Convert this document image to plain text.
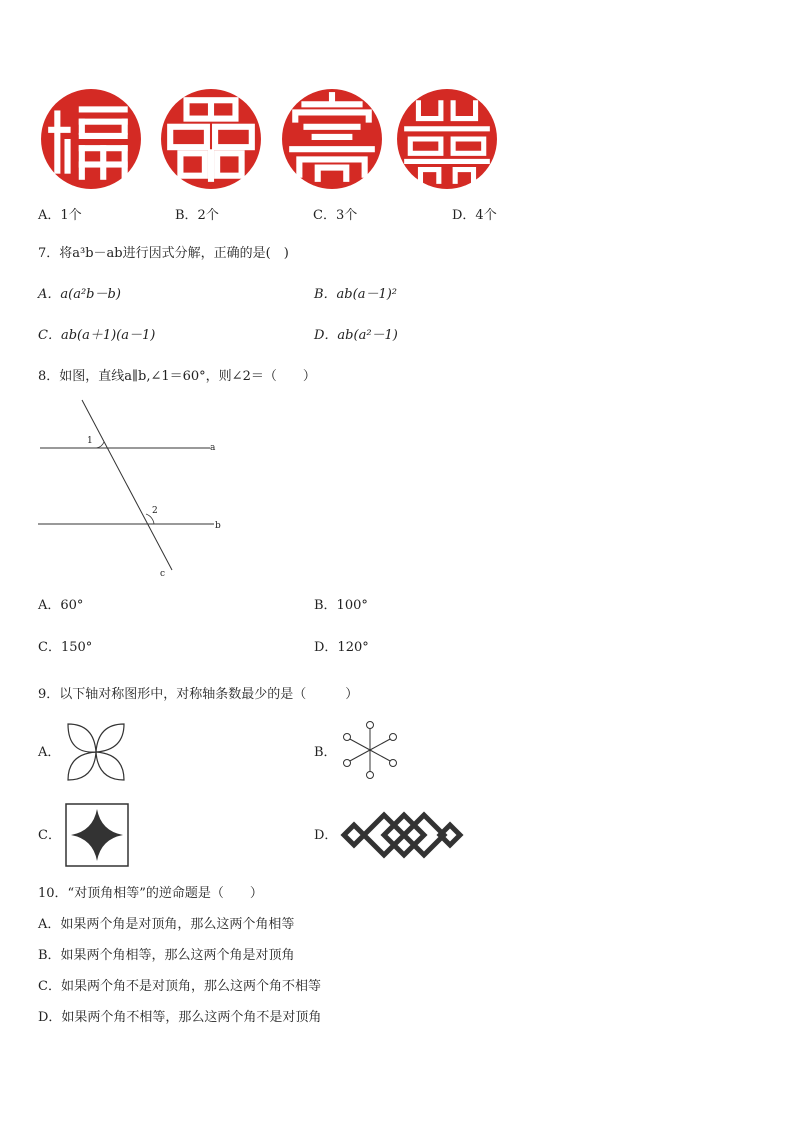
A．1个	B．2个	C．3个	D．4个
7．将a³b－ab进行因式分解，正确的是(　)
A．a(a²b－b)	B．ab(a－1)²
C．ab(a＋1)(a－1)	D．ab(a²－1)
8．如图，直线a∥b,∠1＝60°，则∠2＝（　　）
1
2
a
b
c
A．60°	B．100°
C．150°	D．120°
9．以下轴对称图形中，对称轴条数最少的是（　　　）
A．	B．
C．	D．
10．“对顶角相等”的逆命题是（　　）
A．如果两个角是对顶角，那么这两个角相等
B．如果两个角相等，那么这两个角是对顶角
C．如果两个角不是对顶角，那么这两个角不相等
D．如果两个角不相等，那么这两个角不是对顶角
